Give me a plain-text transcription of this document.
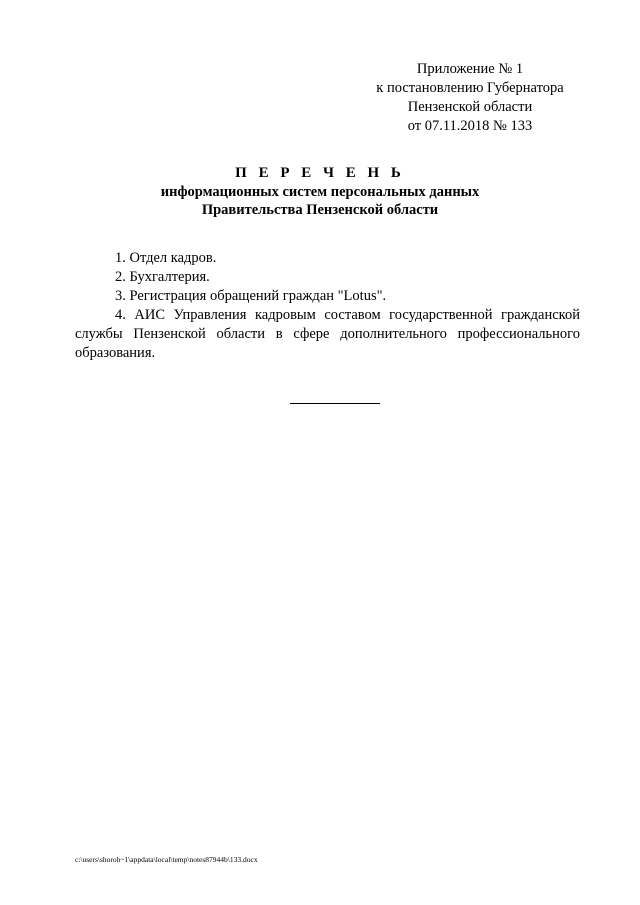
Приложение № 1
к постановлению Губернатора
Пензенской области
от 07.11.2018 № 133
П Е Р Е Ч Е Н Ь
информационных систем персональных данных
Правительства Пензенской области

1. Отдел кадров.

2. Бухгалтерия.

3. Регистрация обращений граждан "Lotus".

4. АИС Управления кадровым составом государственной гражданской службы Пензенской области в сфере дополнительного профессионального образования.

c:\users\shoroh~1\appdata\local\temp\notes87944b\133.docx
